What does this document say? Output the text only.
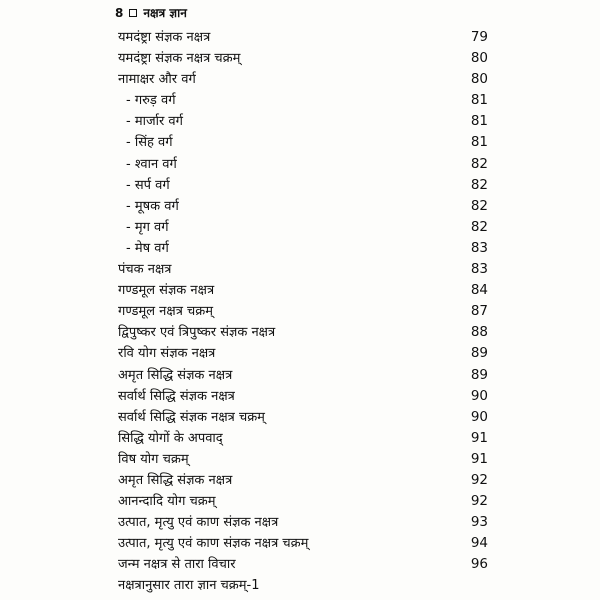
8 नक्षत्र ज्ञान
यमदंष्ट्रा संज्ञक नक्षत्र	79
यमदंष्ट्रा संज्ञक नक्षत्र चक्रम्	80
नामाक्षर और वर्ग	80
- गरुड़ वर्ग	81
- मार्जार वर्ग	81
- सिंह वर्ग	81
- श्वान वर्ग	82
- सर्प वर्ग	82
- मूषक वर्ग	82
- मृग वर्ग	82
- मेष वर्ग	83
पंचक नक्षत्र	83
गण्डमूल संज्ञक नक्षत्र	84
गण्डमूल नक्षत्र चक्रम्	87
द्विपुष्कर एवं त्रिपुष्कर संज्ञक नक्षत्र	88
रवि योग संज्ञक नक्षत्र	89
अमृत सिद्धि संज्ञक नक्षत्र	89
सर्वार्थ सिद्धि संज्ञक नक्षत्र	90
सर्वार्थ सिद्धि संज्ञक नक्षत्र चक्रम्	90
सिद्धि योगों के अपवाद्	91
विष योग चक्रम्	91
अमृत सिद्धि संज्ञक नक्षत्र	92
आनन्दादि योग चक्रम्	92
उत्पात, मृत्यु एवं काण संज्ञक नक्षत्र	93
उत्पात, मृत्यु एवं काण संज्ञक नक्षत्र चक्रम्	94
जन्म नक्षत्र से तारा विचार	96
नक्षत्रानुसार तारा ज्ञान चक्रम्-1
